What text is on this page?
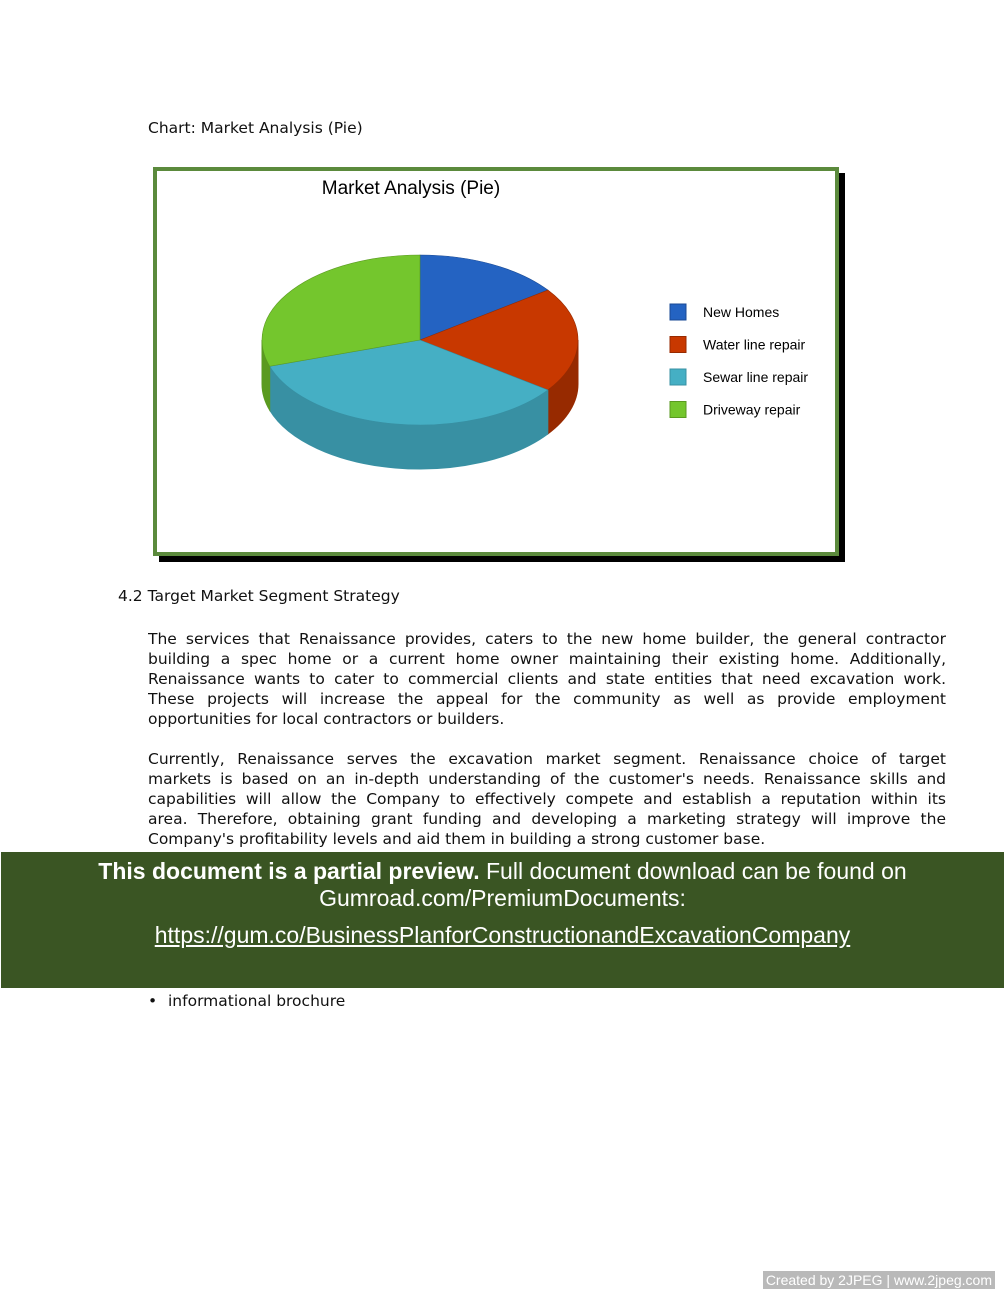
Chart: Market Analysis (Pie)
Market Analysis (Pie)
New Homes
Water line repair
Sewar line repair
Driveway repair
4.2 Target Market Segment Strategy
The services that Renaissance provides, caters to the new home builder, the general contractor
building a spec home or a current home owner maintaining their existing home. Additionally,
Renaissance wants to cater to commercial clients and state entities that need excavation work.
These projects will increase the appeal for the community as well as provide employment
opportunities for local contractors or builders.
Currently, Renaissance serves the excavation market segment. Renaissance choice of target
markets is based on an in-depth understanding of the customer's needs. Renaissance skills and
capabilities will allow the Company to effectively compete and establish a reputation within its
area. Therefore, obtaining grant funding and developing a marketing strategy will improve the
Company's profitability levels and aid them in building a strong customer base.
This document is a partial preview. Full document download can be found on
Gumroad.com/PremiumDocuments:
https://gum.co/BusinessPlanforConstructionandExcavationCompany
• informational brochure
Created by 2JPEG | www.2jpeg.com
